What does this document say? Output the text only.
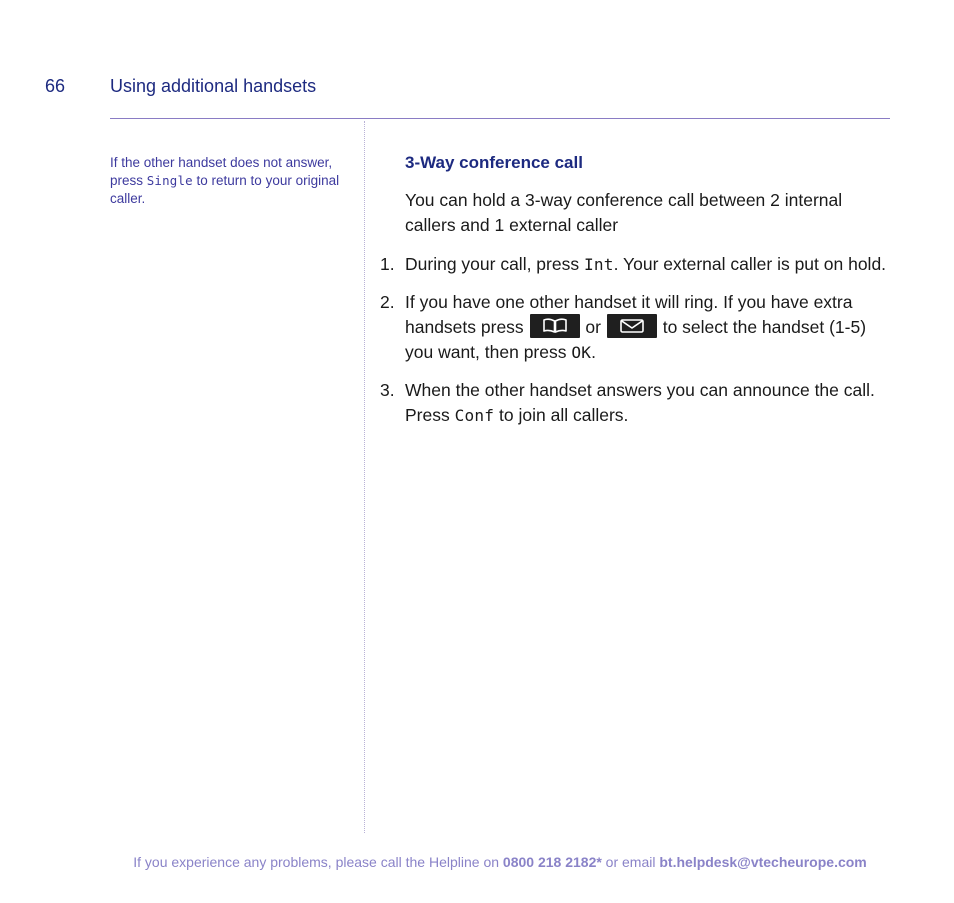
66 Using additional handsets
If the other handset does not answer, press Single to return to your original caller.
3-Way conference call
You can hold a 3-way conference call between 2 internal callers and 1 external caller
1. During your call, press Int. Your external caller is put on hold.
2. If you have one other handset it will ring. If you have extra handsets press	or	to select the handset (1-5) you want, then press OK.
3. When the other handset answers you can announce the call. Press Conf to join all callers.
If you experience any problems, please call the Helpline on 0800 218 2182* or email bt.helpdesk@vtecheurope.com
